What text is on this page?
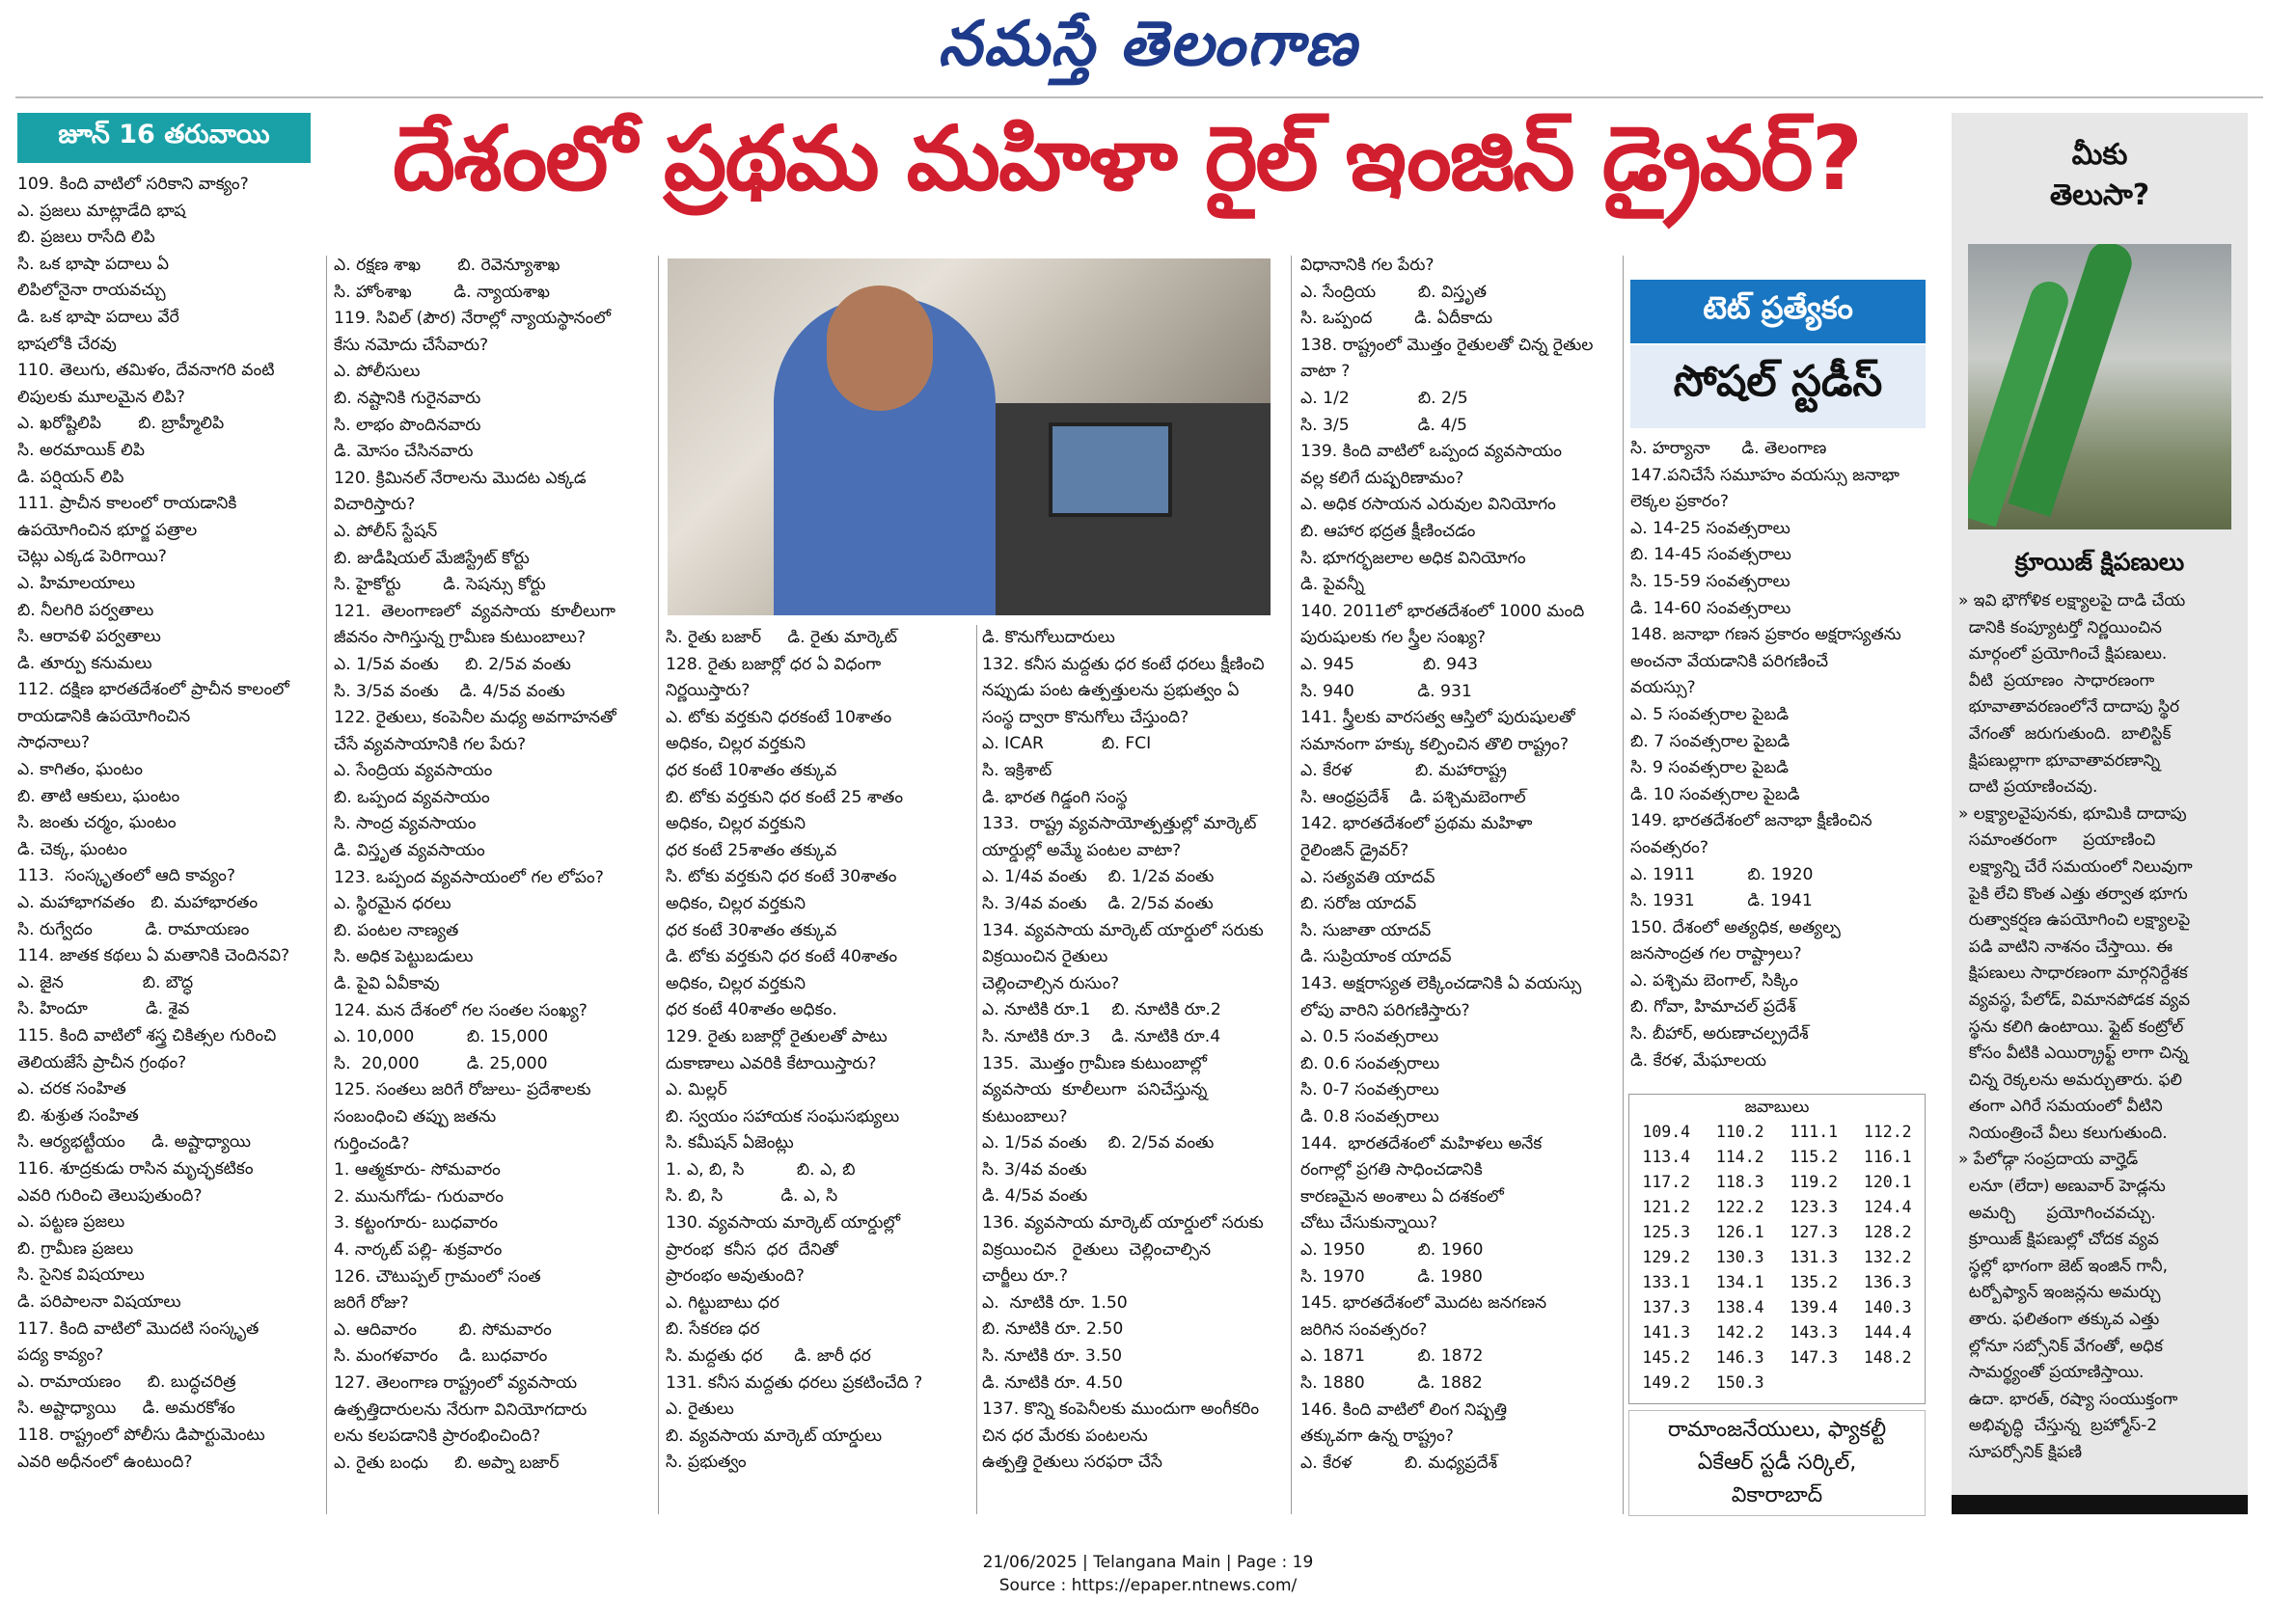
నమస్తే తెలంగాణ
జూన్ 16 తరువాయి	దేశంలో ప్రథమ మహిళా రైల్ ఇంజిన్ డ్రైవర్?
109. కింది వాటిలో సరికాని వాక్యం?
ఎ. ప్రజలు మాట్లాడేది భాష
బి. ప్రజలు రాసేది లిపి
సి. ఒక భాషా పదాలు ఏ
లిపిలోనైనా రాయవచ్చు
డి. ఒక భాషా పదాలు వేరే
భాషలోకి చేరవు
110. తెలుగు, తమిళం, దేవనాగరి వంటి
లిపులకు మూలమైన లిపి?
ఎ. ఖరోష్టిలిపి       బి. బ్రాహ్మీలిపి
సి. అరమాయిక్ లిపి
డి. పర్షియన్ లిపి
111. ప్రాచీన కాలంలో రాయడానికి
ఉపయోగించిన భూర్జ పత్రాల
చెట్లు ఎక్కడ పెరిగాయి?
ఎ. హిమాలయాలు
బి. నీలగిరి పర్వతాలు
సి. ఆరావళి పర్వతాలు
డి. తూర్పు కనుమలు
112. దక్షిణ భారతదేశంలో ప్రాచీన కాలంలో
రాయడానికి ఉపయోగించిన
సాధనాలు?
ఎ. కాగితం, ఘంటం
బి. తాటి ఆకులు, ఘంటం
సి. జంతు చర్మం, ఘంటం
డి. చెక్క, ఘంటం
113.  సంస్కృతంలో ఆది కావ్యం?
ఎ. మహాభాగవతం   బి. మహాభారతం
సి. రుగ్వేదం          డి. రామాయణం
114. జాతక కథలు ఏ మతానికి చెందినవి?
ఎ. జైన               బి. బౌద్ధ
సి. హిందూ           డి. శైవ
115. కింది వాటిలో శస్త్ర చికిత్సల గురించి
తెలియజేసే ప్రాచీన గ్రంథం?
ఎ. చరక సంహిత
బి. శుశ్రుత సంహిత
సి. ఆర్యభట్టీయం     డి. అష్టాధ్యాయి
116. శూద్రకుడు రాసిన మృచ్ఛకటికం
ఎవరి గురించి తెలుపుతుంది?
ఎ. పట్టణ ప్రజలు
బి. గ్రామీణ ప్రజలు
సి. సైనిక విషయాలు
డి. పరిపాలనా విషయాలు
117. కింది వాటిలో మొదటి సంస్కృత
పద్య కావ్యం?
ఎ. రామాయణం     బి. బుద్ధచరిత్ర
సి. అష్టాధ్యాయి     డి. అమరకోశం
118. రాష్ట్రంలో పోలీసు డిపార్టుమెంటు
ఎవరి అధీనంలో ఉంటుంది?
ఎ. రక్షణ శాఖ       బి. రెవెన్యూశాఖ
సి. హోంశాఖ        డి. న్యాయశాఖ
119. సివిల్ (పౌర) నేరాల్లో న్యాయస్థానంలో
కేసు నమోదు చేసేవారు?
ఎ. పోలీసులు
బి. నష్టానికి గురైనవారు
సి. లాభం పొందినవారు
డి. మోసం చేసినవారు
120. క్రిమినల్ నేరాలను మొదట ఎక్కడ
విచారిస్తారు?
ఎ. పోలీస్ స్టేషన్
బి. జుడీషియల్ మేజిస్ట్రేట్ కోర్టు
సి. హైకోర్టు        డి. సెషన్సు కోర్టు
121.  తెలంగాణలో  వ్యవసాయ  కూలీలుగా
జీవనం సాగిస్తున్న గ్రామీణ కుటుంబాలు?
ఎ. 1/5వ వంతు     బి. 2/5వ వంతు
సి. 3/5వ వంతు    డి. 4/5వ వంతు
122. రైతులు, కంపెనీల మధ్య అవగాహనతో
చేసే వ్యవసాయానికి గల పేరు?
ఎ. సేంద్రియ వ్యవసాయం
బి. ఒప్పంద వ్యవసాయం
సి. సాంద్ర వ్యవసాయం
డి. విస్తృత వ్యవసాయం
123. ఒప్పంద వ్యవసాయంలో గల లోపం?
ఎ. స్థిరమైన ధరలు
బి. పంటల నాణ్యత
సి. అధిక పెట్టుబడులు
డి. పైవి ఏవీకావు
124. మన దేశంలో గల సంతల సంఖ్య?
ఎ. 10,000          బి. 15,000
సి.  20,000         డి. 25,000
125. సంతలు జరిగే రోజులు- ప్రదేశాలకు
సంబంధించి తప్పు జతను
గుర్తించండి?
1. ఆత్మకూరు- సోమవారం
2. మునుగోడు- గురువారం
3. కట్టంగూరు- బుధవారం
4. నార్కట్ పల్లి- శుక్రవారం
126. చౌటుప్పల్ గ్రామంలో సంత
జరిగే రోజు?
ఎ. ఆదివారం        బి. సోమవారం
సి. మంగళవారం    డి. బుధవారం
127. తెలంగాణ రాష్ట్రంలో వ్యవసాయ
ఉత్పత్తిదారులను నేరుగా వినియోగదారు
లను కలపడానికి ప్రారంభించింది?
ఎ. రైతు బంధు     బి. అప్నా బజార్
సి. రైతు బజార్     డి. రైతు మార్కెట్
128. రైతు బజార్లో ధర ఏ విధంగా
నిర్ణయిస్తారు?
ఎ. టోకు వర్తకుని ధరకంటే 10శాతం
అధికం, చిల్లర వర్తకుని
ధర కంటే 10శాతం తక్కువ
బి. టోకు వర్తకుని ధర కంటే 25 శాతం
అధికం, చిల్లర వర్తకుని
ధర కంటే 25శాతం తక్కువ
సి. టోకు వర్తకుని ధర కంటే 30శాతం
అధికం, చిల్లర వర్తకుని
ధర కంటే 30శాతం తక్కువ
డి. టోకు వర్తకుని ధర కంటే 40శాతం
అధికం, చిల్లర వర్తకుని
ధర కంటే 40శాతం అధికం.
129. రైతు బజార్లో రైతులతో పాటు
దుకాణాలు ఎవరికి కేటాయిస్తారు?
ఎ. మిల్లర్
బి. స్వయం సహాయక సంఘసభ్యులు
సి. కమీషన్ ఏజెంట్లు
1. ఎ, బి, సి          బి. ఎ, బి
సి. బి, సి           డి. ఎ, సి
130. వ్యవసాయ మార్కెట్ యార్డుల్లో
ప్రారంభ  కనీస  ధర  దేనితో
ప్రారంభం అవుతుంది?
ఎ. గిట్టుబాటు ధర
బి. సేకరణ ధర
సి. మద్దతు ధర      డి. జారీ ధర
131. కనీస మద్దతు ధరలు ప్రకటించేది ?
ఎ. రైతులు
బి. వ్యవసాయ మార్కెట్ యార్డులు
సి. ప్రభుత్వం
డి. కొనుగోలుదారులు
132. కనీస మద్దతు ధర కంటే ధరలు క్షీణించి
నప్పుడు పంట ఉత్పత్తులను ప్రభుత్వం ఏ
సంస్థ ద్వారా కొనుగోలు చేస్తుంది?
ఎ. ICAR           బి. FCI
సి. ఇక్రిశాట్
డి. భారత గిడ్డంగి సంస్థ
133.  రాష్ట్ర వ్యవసాయోత్పత్తుల్లో మార్కెట్
యార్డుల్లో అమ్మే పంటల వాటా?
ఎ. 1/4వ వంతు    బి. 1/2వ వంతు
సి. 3/4వ వంతు    డి. 2/5వ వంతు
134. వ్యవసాయ మార్కెట్ యార్డులో సరుకు
విక్రయించిన రైతులు
చెల్లించాల్సిన రుసుం?
ఎ. నూటికి రూ.1    బి. నూటికి రూ.2
సి. నూటికి రూ.3    డి. నూటికి రూ.4
135.  మొత్తం గ్రామీణ కుటుంబాల్లో
వ్యవసాయ  కూలీలుగా  పనిచేస్తున్న
కుటుంబాలు?
ఎ. 1/5వ వంతు    బి. 2/5వ వంతు
సి. 3/4వ వంతు
డి. 4/5వ వంతు
136. వ్యవసాయ మార్కెట్ యార్డులో సరుకు
విక్రయించిన   రైతులు  చెల్లించాల్సిన
చార్జీలు రూ.?
ఎ.  నూటికి రూ. 1.50
బి. నూటికి రూ. 2.50
సి. నూటికి రూ. 3.50
డి. నూటికి రూ. 4.50
137. కొన్ని కంపెనీలకు ముందుగా అంగీకరిం
చిన ధర మేరకు పంటలను
ఉత్పత్తి రైతులు సరఫరా చేసే
విధానానికి గల పేరు?
ఎ. సేంద్రియ        బి. విస్తృత
సి. ఒప్పంద        డి. ఏదీకాదు
138. రాష్ట్రంలో మొత్తం రైతులతో చిన్న రైతుల
వాటా ?
ఎ. 1/2             బి. 2/5
సి. 3/5             డి. 4/5
139. కింది వాటిలో ఒప్పంద వ్యవసాయం
వల్ల కలిగే దుష్పరిణామం?
ఎ. అధిక రసాయన ఎరువుల వినియోగం
బి. ఆహార భద్రత క్షీణించడం
సి. భూగర్భజలాల అధిక వినియోగం
డి. పైవన్నీ
140. 2011లో భారతదేశంలో 1000 మంది
పురుషులకు గల స్త్రీల సంఖ్య?
ఎ. 945             బి. 943
సి. 940            డి. 931
141. స్త్రీలకు వారసత్వ ఆస్తిలో పురుషులతో
సమానంగా హక్కు కల్పించిన తొలి రాష్ట్రం?
ఎ. కేరళ            బి. మహారాష్ట్ర
సి. ఆంధ్రప్రదేశ్    డి. పశ్చిమబెంగాల్
142. భారతదేశంలో ప్రథమ మహిళా
రైలింజిన్ డ్రైవర్?
ఎ. సత్యవతి యాదవ్
బి. సరోజ యాదవ్
సి. సుజాతా యాదవ్
డి. సుప్రియాంక యాదవ్
143. అక్షరాస్యత లెక్కించడానికి ఏ వయస్సు
లోపు వారిని పరిగణిస్తారు?
ఎ. 0.5 సంవత్సరాలు
బి. 0.6 సంవత్సరాలు
సి. 0-7 సంవత్సరాలు
డి. 0.8 సంవత్సరాలు
144.  భారతదేశంలో మహిళలు అనేక
రంగాల్లో ప్రగతి సాధించడానికి
కారణమైన అంశాలు ఏ దశకంలో
చోటు చేసుకున్నాయి?
ఎ. 1950          బి. 1960
సి. 1970          డి. 1980
145. భారతదేశంలో మొదట జనగణన
జరిగిన సంవత్సరం?
ఎ. 1871          బి. 1872
సి. 1880          డి. 1882
146. కింది వాటిలో లింగ నిష్పత్తి
తక్కువగా ఉన్న రాష్ట్రం?
ఎ. కేరళ          బి. మధ్యప్రదేశ్
టెట్ ప్రత్యేకం
సోషల్ స్టడీస్
సి. హర్యానా      డి. తెలంగాణ
147.పనిచేసే సమూహం వయస్సు జనాభా
లెక్కల ప్రకారం?
ఎ. 14-25 సంవత్సరాలు
బి. 14-45 సంవత్సరాలు
సి. 15-59 సంవత్సరాలు
డి. 14-60 సంవత్సరాలు
148. జనాభా గణన ప్రకారం అక్షరాస్యతను
అంచనా వేయడానికి పరిగణించే
వయస్సు?
ఎ. 5 సంవత్సరాల పైబడి
బి. 7 సంవత్సరాల పైబడి
సి. 9 సంవత్సరాల పైబడి
డి. 10 సంవత్సరాల పైబడి
149. భారతదేశంలో జనాభా క్షీణించిన
సంవత్సరం?
ఎ. 1911          బి. 1920
సి. 1931          డి. 1941
150. దేశంలో అత్యధిక, అత్యల్ప
జనసాంద్రత గల రాష్ట్రాలు?
ఎ. పశ్చిమ బెంగాల్, సిక్కిం
బి. గోవా, హిమాచల్ ప్రదేశ్
సి. బీహార్, అరుణాచల్ప్రదేశ్
డి. కేరళ, మేఘాలయ
జవాబులు
109.4	110.2	111.1	112.2
113.4	114.2	115.2	116.1
117.2	118.3	119.2	120.1
121.2	122.2	123.3	124.4
125.3	126.1	127.3	128.2
129.2	130.3	131.3	132.2
133.1	134.1	135.2	136.3
137.3	138.4	139.4	140.3
141.3	142.2	143.3	144.4
145.2	146.3	147.3	148.2
149.2	150.3
రామాంజనేయులు, ఫ్యాకల్టీ
ఏకేఆర్ స్టడీ సర్కిల్,
వికారాబాద్
మీకు
తెలుసా?
క్రూయిజ్ క్షిపణులు
» ఇవి భౌగోళిక లక్ష్యాలపై దాడి చేయ
డానికి కంప్యూటర్తో నిర్ణయించిన
మార్గంలో ప్రయోగించే క్షిపణులు.
వీటి  ప్రయాణం  సాధారణంగా
భూవాతావరణంలోనే దాదాపు స్థిర
వేగంతో  జరుగుతుంది.  బాలిస్టిక్
క్షిపణుల్లాగా భూవాతావరణాన్ని
దాటి ప్రయాణించవు.
» లక్ష్యాలవైపునకు, భూమికి దాదాపు
సమాంతరంగా     ప్రయాణించి
లక్ష్యాన్ని చేరే సమయంలో నిలువుగా
పైకి లేచి కొంత ఎత్తు తర్వాత భూగు
రుత్వాకర్షణ ఉపయోగించి లక్ష్యాలపై
పడి వాటిని నాశనం చేస్తాయి. ఈ
క్షిపణులు సాధారణంగా మార్గనిర్దేశక
వ్యవస్థ, పేలోడ్, విమానపోడక వ్యవ
స్థను కలిగి ఉంటాయి. ఫ్లైట్ కంట్రోల్
కోసం వీటికి ఎయిర్క్రాఫ్ట్ లాగా చిన్న
చిన్న రెక్కలను అమర్చుతారు. ఫలి
తంగా ఎగిరే సమయంలో వీటిని
నియంత్రించే వీలు కలుగుతుంది.
» పేలోడ్గా సంప్రదాయ వార్హెడ్
లనూ (లేదా) అణువార్ హెడ్లను
అమర్చి      ప్రయోగించవచ్చు.
క్రూయిజ్ క్షిపణుల్లో చోదక వ్యవ
స్థల్లో భాగంగా జెట్ ఇంజిన్ గానీ,
టర్బోఫ్యాన్ ఇంజన్లను అమర్చు
తారు. ఫలితంగా తక్కువ ఎత్తు
ల్లోనూ సబ్సోనిక్ వేగంతో, అధిక
సామర్థ్యంతో ప్రయాణిస్తాయి.
ఉదా. భారత్, రష్యా సంయుక్తంగా
అభివృద్ధి  చేస్తున్న  బ్రహ్మోస్-2
సూపర్సోనిక్ క్షిపణి
21/06/2025 | Telangana Main | Page : 19
Source : https://epaper.ntnews.com/
